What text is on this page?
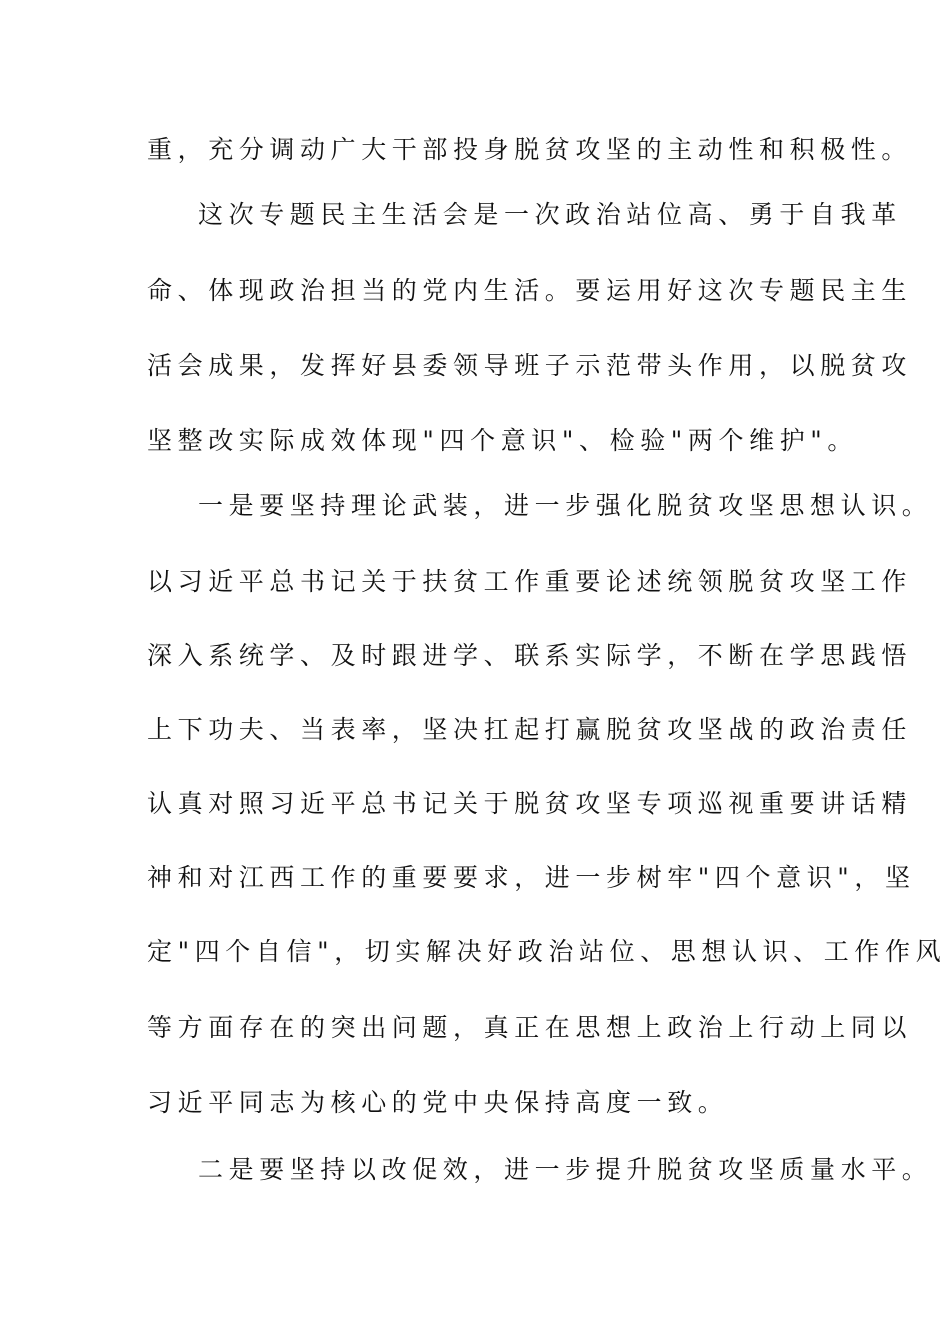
重，充分调动广大干部投身脱贫攻坚的主动性和积极性。
这次专题民主生活会是一次政治站位高、勇于自我革
命、体现政治担当的党内生活。要运用好这次专题民主生
活会成果，发挥好县委领导班子示范带头作用，以脱贫攻
坚整改实际成效体现"四个意识"、检验"两个维护"。
一是要坚持理论武装，进一步强化脱贫攻坚思想认识。
以习近平总书记关于扶贫工作重要论述统领脱贫攻坚工作
深入系统学、及时跟进学、联系实际学，不断在学思践悟
上下功夫、当表率，坚决扛起打赢脱贫攻坚战的政治责任
认真对照习近平总书记关于脱贫攻坚专项巡视重要讲话精
神和对江西工作的重要要求，进一步树牢"四个意识"，坚
定"四个自信"，切实解决好政治站位、思想认识、工作作风
等方面存在的突出问题，真正在思想上政治上行动上同以
习近平同志为核心的党中央保持高度一致。
二是要坚持以改促效，进一步提升脱贫攻坚质量水平。
